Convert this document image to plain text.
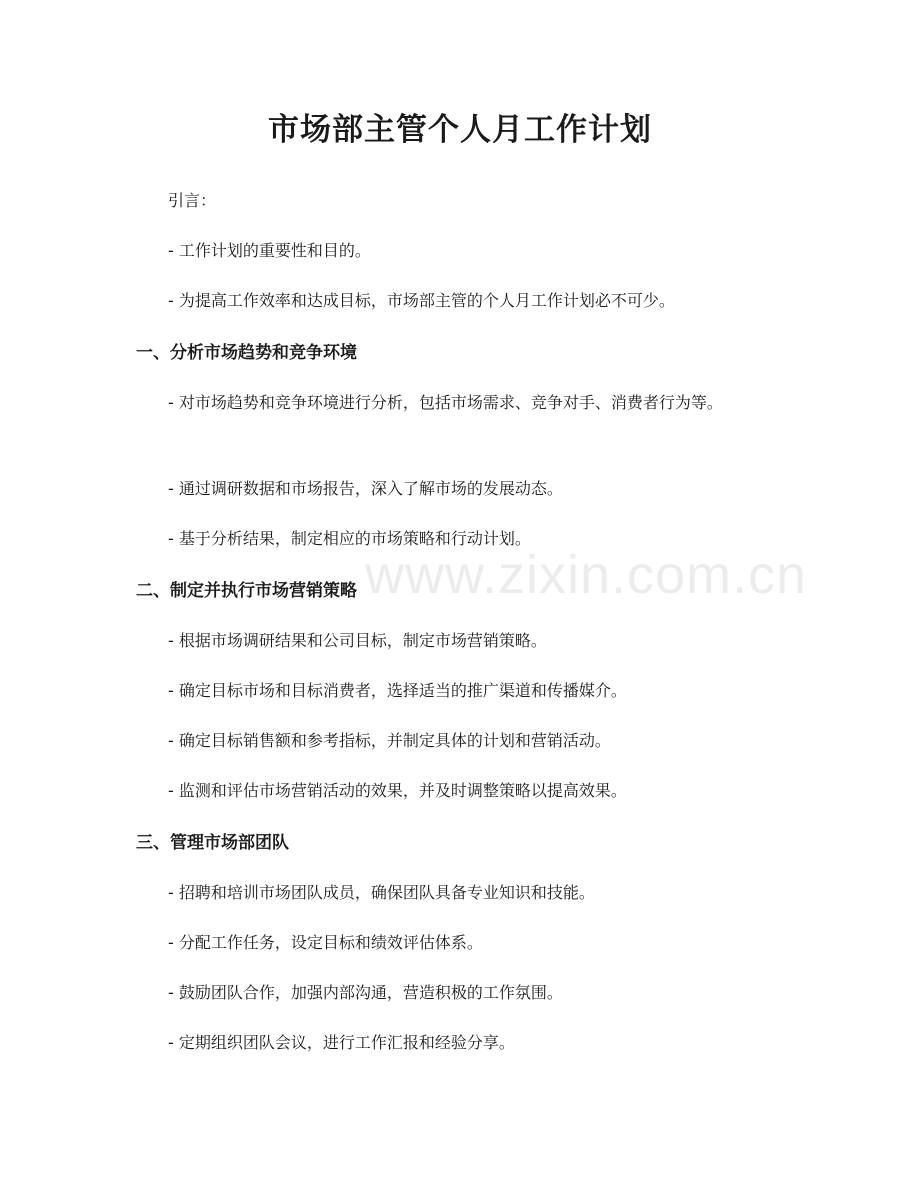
市场部主管个人月工作计划
引言：
- 工作计划的重要性和目的。
- 为提高工作效率和达成目标，市场部主管的个人月工作计划必不可少。
一、分析市场趋势和竞争环境
- 对市场趋势和竞争环境进行分析，包括市场需求、竞争对手、消费者行为等。
- 通过调研数据和市场报告，深入了解市场的发展动态。
- 基于分析结果，制定相应的市场策略和行动计划。
二、制定并执行市场营销策略
- 根据市场调研结果和公司目标，制定市场营销策略。
- 确定目标市场和目标消费者，选择适当的推广渠道和传播媒介。
- 确定目标销售额和参考指标，并制定具体的计划和营销活动。
- 监测和评估市场营销活动的效果，并及时调整策略以提高效果。
三、管理市场部团队
- 招聘和培训市场团队成员，确保团队具备专业知识和技能。
- 分配工作任务，设定目标和绩效评估体系。
- 鼓励团队合作，加强内部沟通，营造积极的工作氛围。
- 定期组织团队会议，进行工作汇报和经验分享。
www.zixin.com.cn
